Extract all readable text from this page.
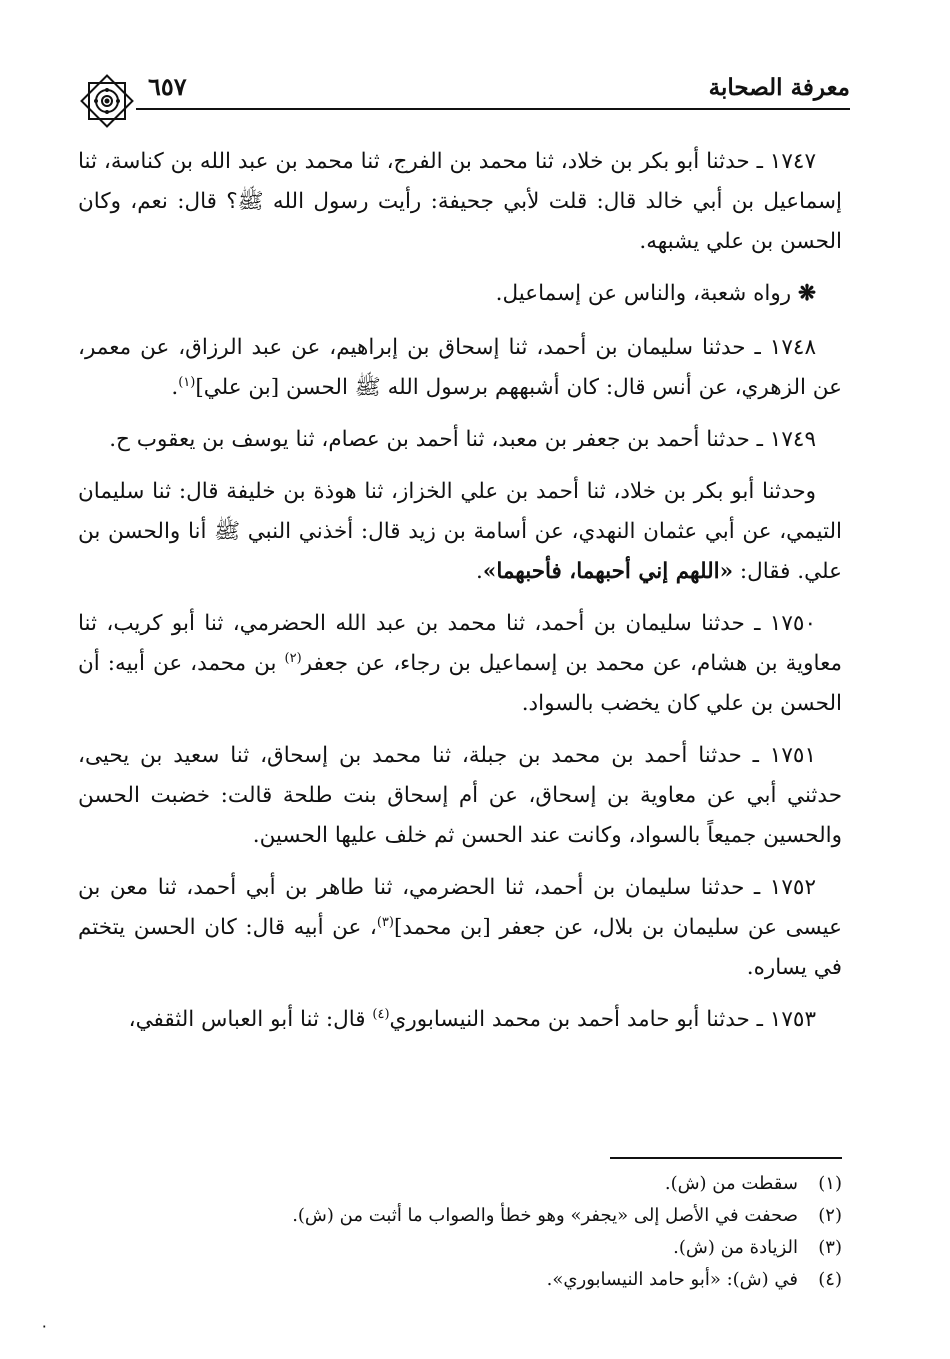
معرفة الصحابة
٦٥٧

١٧٤٧ ـ حدثنا أبو بكر بن خلاد، ثنا محمد بن الفرج، ثنا محمد بن عبد الله بن كناسة، ثنا إسماعيل بن أبي خالد قال: قلت لأبي جحيفة: رأيت رسول الله ﷺ؟ قال: نعم، وكان الحسن بن علي يشبهه.

❋ رواه شعبة، والناس عن إسماعيل.

١٧٤٨ ـ حدثنا سليمان بن أحمد، ثنا إسحاق بن إبراهيم، عن عبد الرزاق، عن معمر، عن الزهري، عن أنس قال: كان أشبههم برسول الله ﷺ الحسن [بن علي]$^{(١)}$.

١٧٤٩ ـ حدثنا أحمد بن جعفر بن معبد، ثنا أحمد بن عصام، ثنا يوسف بن يعقوب ح.

وحدثنا أبو بكر بن خلاد، ثنا أحمد بن علي الخزاز، ثنا هوذة بن خليفة قال: ثنا سليمان التيمي، عن أبي عثمان النهدي، عن أسامة بن زيد قال: أخذني النبي ﷺ أنا والحسن بن علي. فقال: «اللهم إني أحبهما، فأحبهما».

١٧٥٠ ـ حدثنا سليمان بن أحمد، ثنا محمد بن عبد الله الحضرمي، ثنا أبو كريب، ثنا معاوية بن هشام، عن محمد بن إسماعيل بن رجاء، عن جعفر$^{(٢)}$ بن محمد، عن أبيه: أن الحسن بن علي كان يخضب بالسواد.

١٧٥١ ـ حدثنا أحمد بن محمد بن جبلة، ثنا محمد بن إسحاق، ثنا سعيد بن يحيى، حدثني أبي عن معاوية بن إسحاق، عن أم إسحاق بنت طلحة قالت: خضبت الحسن والحسين جميعاً بالسواد، وكانت عند الحسن ثم خلف عليها الحسين.

١٧٥٢ ـ حدثنا سليمان بن أحمد، ثنا الحضرمي، ثنا طاهر بن أبي أحمد، ثنا معن بن عيسى عن سليمان بن بلال، عن جعفر [بن محمد]$^{(٣)}$، عن أبيه قال: كان الحسن يتختم في يساره.

١٧٥٣ ـ حدثنا أبو حامد أحمد بن محمد النيسابوري$^{(٤)}$ قال: ثنا أبو العباس الثقفي،

(١)سقطت من (ش).
(٢)صحفت في الأصل إلى «يجفر» وهو خطأ والصواب ما أثبت من (ش).
(٣)الزيادة من (ش).
(٤)في (ش): «أبو حامد النيسابوري».
٠
